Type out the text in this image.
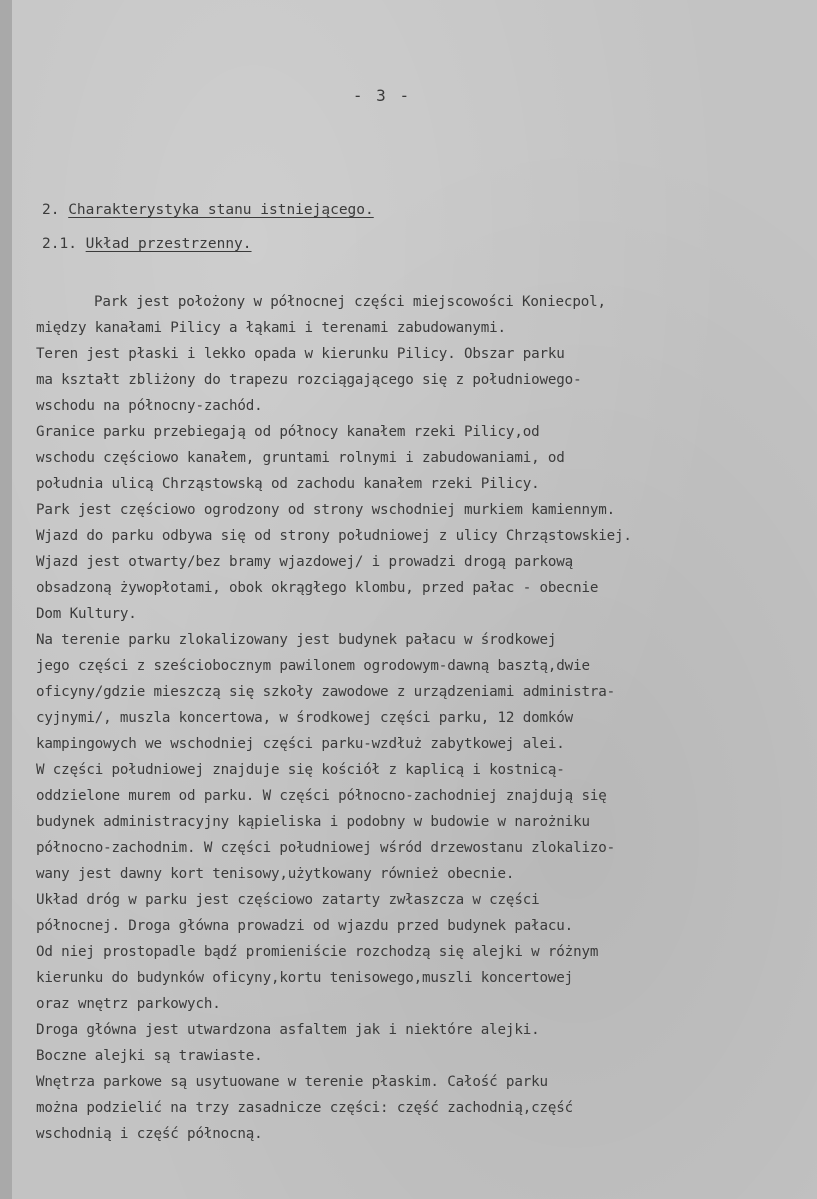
- 3 -
2. Charakterystyka stanu istniejącego.
2.1. Układ przestrzenny.
Park jest położony w północnej części miejscowości Koniecpol,
między kanałami Pilicy a łąkami i terenami zabudowanymi.
Teren jest płaski i lekko opada w kierunku Pilicy. Obszar parku
ma kształt zbliżony do trapezu rozciągającego się z południowego-
wschodu na północny-zachód.
Granice parku przebiegają od północy kanałem rzeki Pilicy,od
wschodu częściowo kanałem, gruntami rolnymi i zabudowaniami, od
południa ulicą Chrząstowską od zachodu kanałem rzeki Pilicy.
Park jest częściowo ogrodzony od strony wschodniej murkiem kamiennym.
Wjazd do parku odbywa się od strony południowej z ulicy Chrząstowskiej.
Wjazd jest otwarty/bez bramy wjazdowej/ i prowadzi drogą parkową
obsadzoną żywopłotami, obok okrągłego klombu, przed pałac - obecnie
Dom Kultury.
Na terenie parku zlokalizowany jest budynek pałacu w środkowej
jego części z sześciobocznym pawilonem ogrodowym-dawną basztą,dwie
oficyny/gdzie mieszczą się szkoły zawodowe z urządzeniami administra-
cyjnymi/, muszla koncertowa, w środkowej części parku, 12 domków
kampingowych we wschodniej części parku-wzdłuż zabytkowej alei.
W części południowej znajduje się kościół z kaplicą i kostnicą-
oddzielone murem od parku. W części północno-zachodniej znajdują się
budynek administracyjny kąpieliska i podobny w budowie w narożniku
północno-zachodnim. W części południowej wśród drzewostanu zlokalizo-
wany jest dawny kort tenisowy,użytkowany również obecnie.
Układ dróg w parku jest częściowo zatarty zwłaszcza w części
północnej. Droga główna prowadzi od wjazdu przed budynek pałacu.
Od niej prostopadle bądź promieniście rozchodzą się alejki w różnym
kierunku do budynków oficyny,kortu tenisowego,muszli koncertowej
oraz wnętrz parkowych.
Droga główna jest utwardzona asfaltem jak i niektóre alejki.
Boczne alejki są trawiaste.
Wnętrza parkowe są usytuowane w terenie płaskim. Całość parku
można podzielić na trzy zasadnicze części: część zachodnią,część
wschodnią i część północną.
